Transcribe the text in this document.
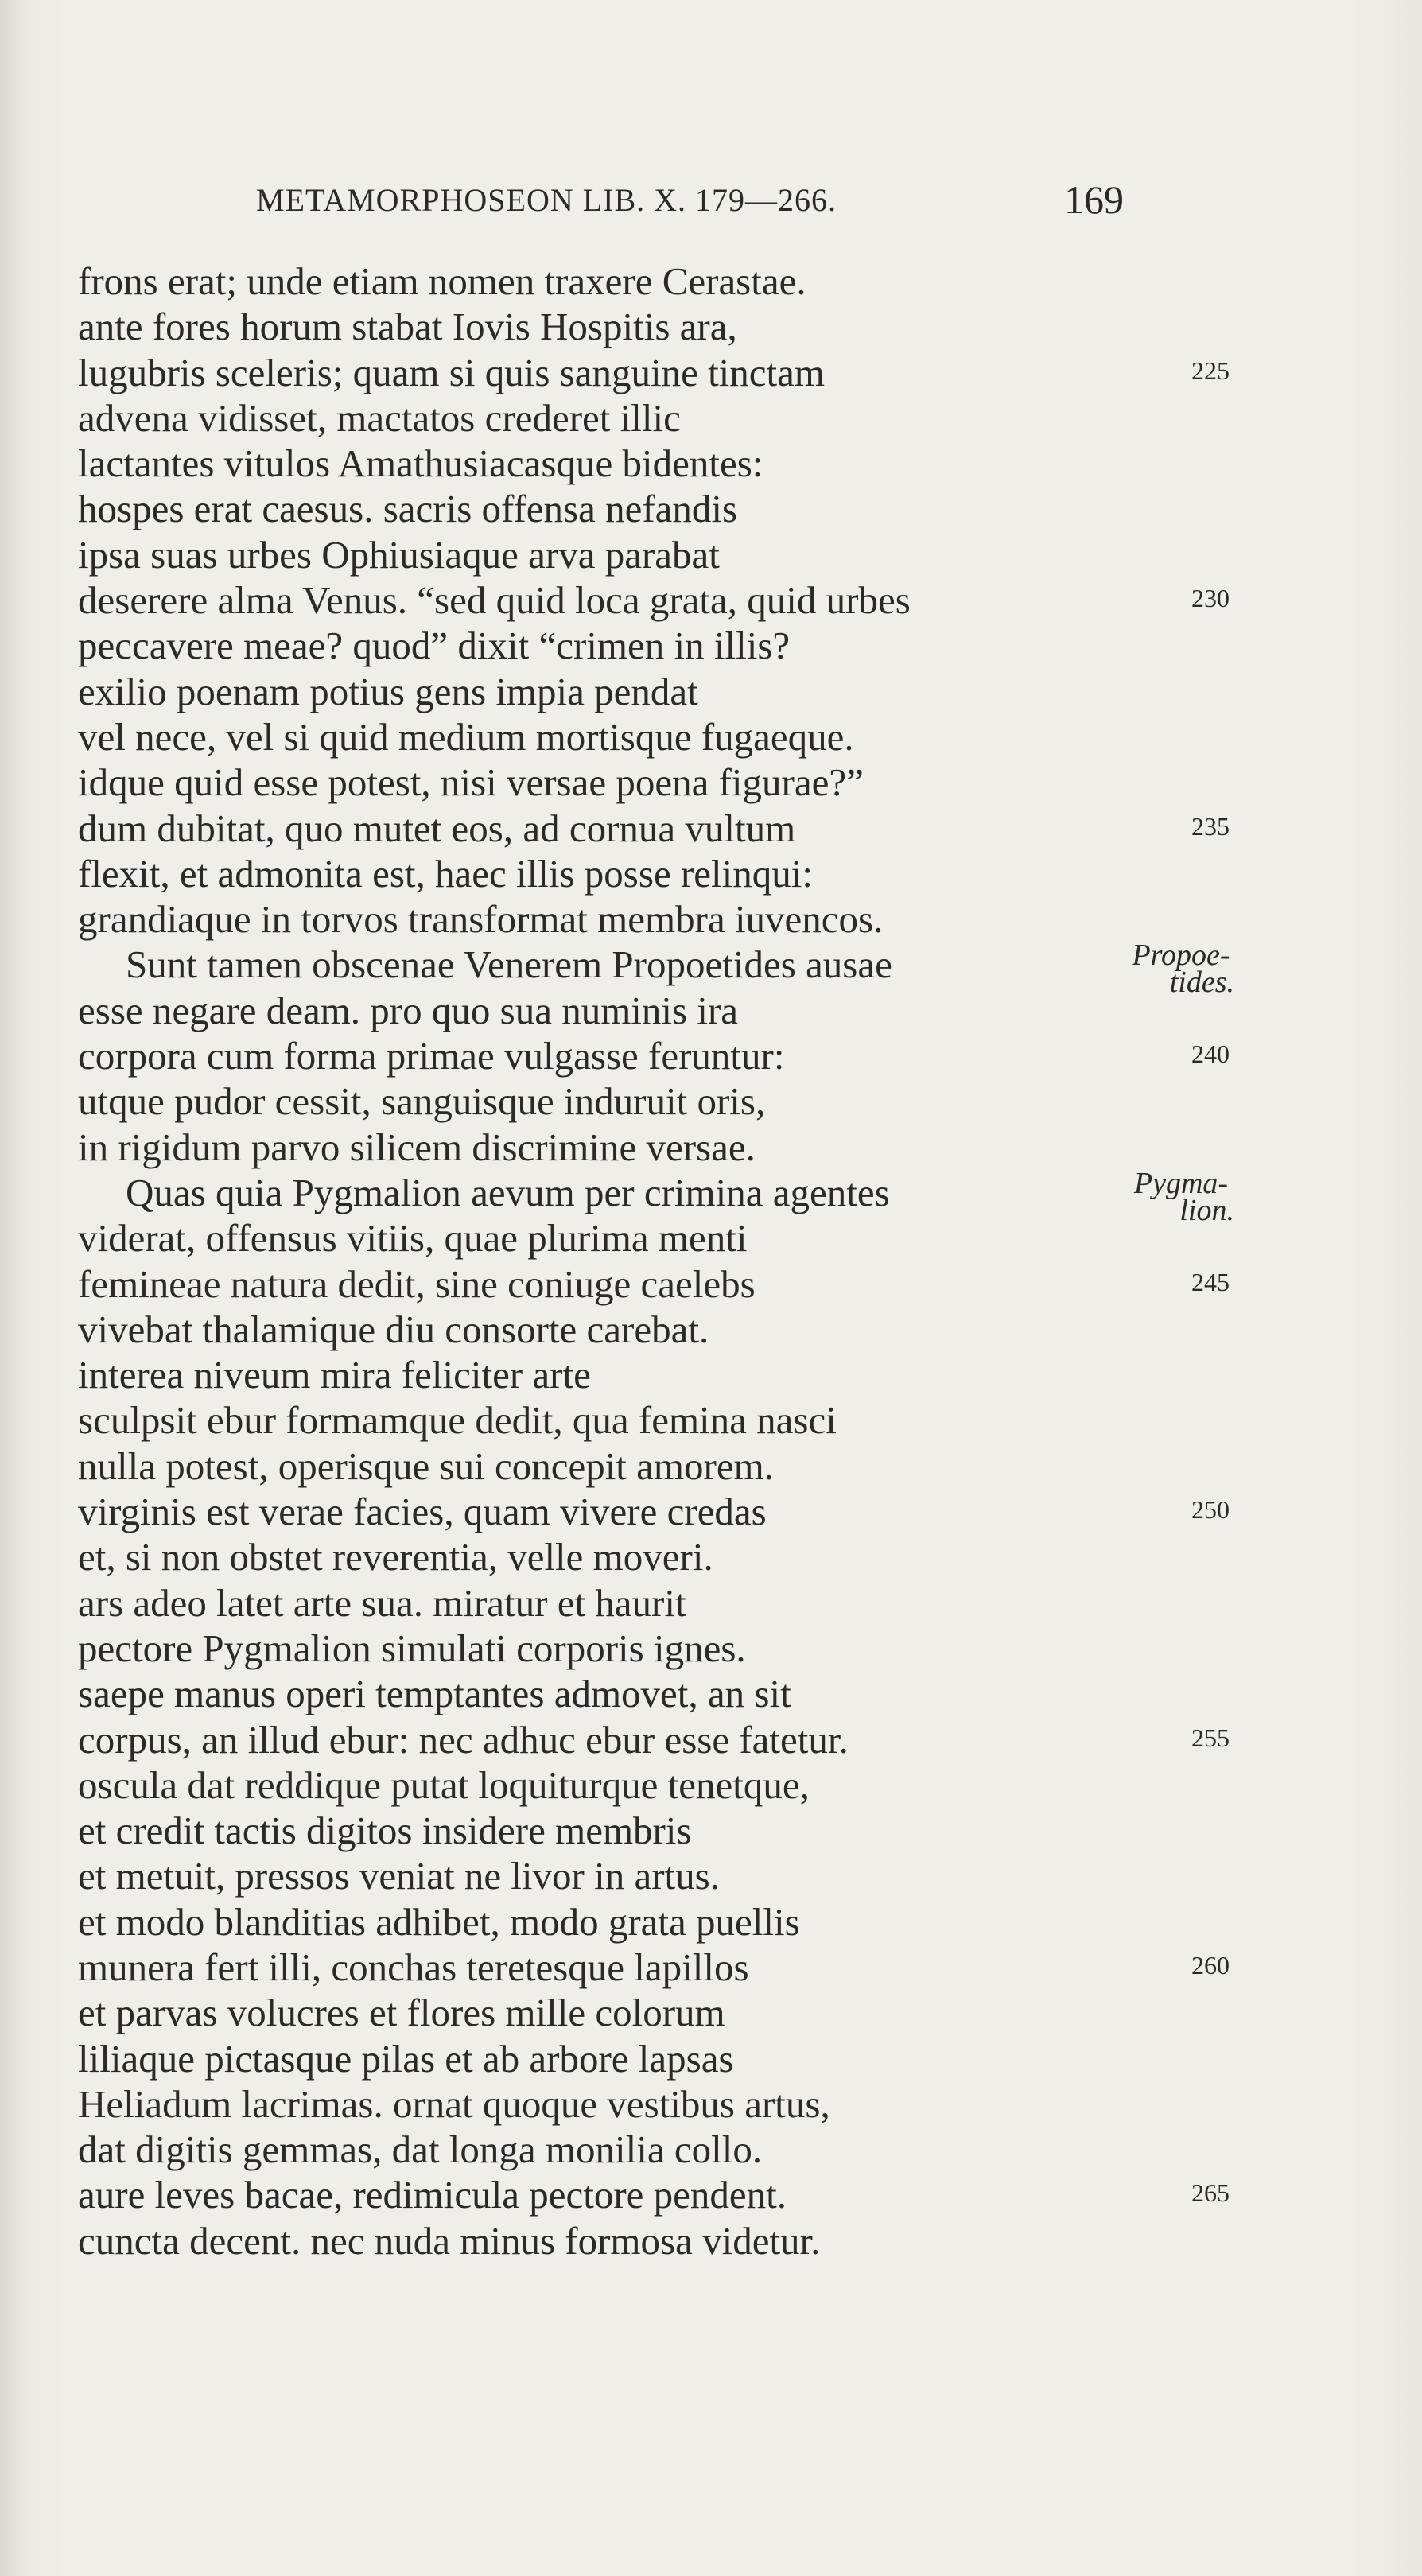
METAMORPHOSEON LIB. X. 179—266.	169
frons erat; unde etiam nomen traxere Cerastae.
ante fores horum stabat Iovis Hospitis ara,
lugubris sceleris; quam si quis sanguine tinctam	225
advena vidisset, mactatos crederet illic
lactantes vitulos Amathusiacasque bidentes:
hospes erat caesus. sacris offensa nefandis
ipsa suas urbes Ophiusiaque arva parabat
deserere alma Venus. “sed quid loca grata, quid urbes	230
peccavere meae? quod” dixit “crimen in illis?
exilio poenam potius gens impia pendat
vel nece, vel si quid medium mortisque fugaeque.
idque quid esse potest, nisi versae poena figurae?”
dum dubitat, quo mutet eos, ad cornua vultum	235
flexit, et admonita est, haec illis posse relinqui:
grandiaque in torvos transformat membra iuvencos.
Sunt tamen obscenae Venerem Propoetides ausae	Propoe-
tides.
esse negare deam. pro quo sua numinis ira
corpora cum forma primae vulgasse feruntur:	240
utque pudor cessit, sanguisque induruit oris,
in rigidum parvo silicem discrimine versae.
Quas quia Pygmalion aevum per crimina agentes	Pygma-
lion.
viderat, offensus vitiis, quae plurima menti
femineae natura dedit, sine coniuge caelebs	245
vivebat thalamique diu consorte carebat.
interea niveum mira feliciter arte
sculpsit ebur formamque dedit, qua femina nasci
nulla potest, operisque sui concepit amorem.
virginis est verae facies, quam vivere credas	250
et, si non obstet reverentia, velle moveri.
ars adeo latet arte sua. miratur et haurit
pectore Pygmalion simulati corporis ignes.
saepe manus operi temptantes admovet, an sit
corpus, an illud ebur: nec adhuc ebur esse fatetur.	255
oscula dat reddique putat loquiturque tenetque,
et credit tactis digitos insidere membris
et metuit, pressos veniat ne livor in artus.
et modo blanditias adhibet, modo grata puellis
munera fert illi, conchas teretesque lapillos	260
et parvas volucres et flores mille colorum
liliaque pictasque pilas et ab arbore lapsas
Heliadum lacrimas. ornat quoque vestibus artus,
dat digitis gemmas, dat longa monilia collo.
aure leves bacae, redimicula pectore pendent.	265
cuncta decent. nec nuda minus formosa videtur.
